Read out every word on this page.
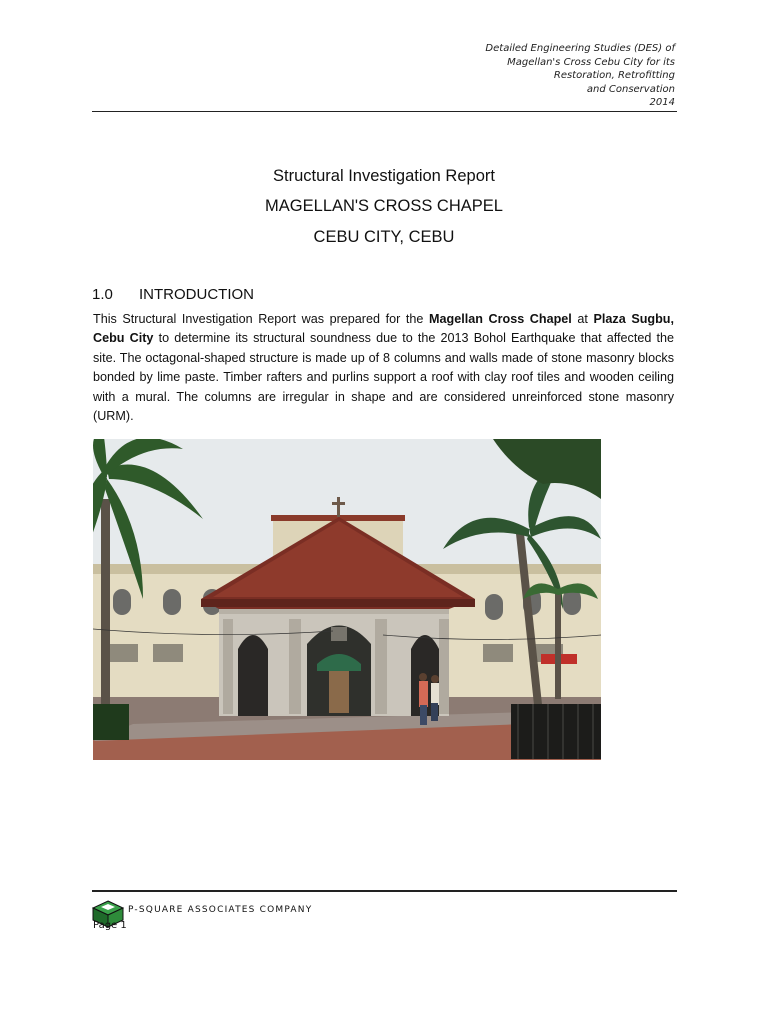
Detailed Engineering Studies (DES) of
Magellan's Cross Cebu City for its
Restoration, Retrofitting
and Conservation
2014
Structural Investigation Report
MAGELLAN'S CROSS CHAPEL
CEBU CITY, CEBU
1.0 INTRODUCTION
This Structural Investigation Report was prepared for the Magellan Cross Chapel at Plaza Sugbu, Cebu City to determine its structural soundness due to the 2013 Bohol Earthquake that affected the site. The octagonal-shaped structure is made up of 8 columns and walls made of stone masonry blocks bonded by lime paste. Timber rafters and purlins support a roof with clay roof tiles and wooden ceiling with a mural. The columns are irregular in shape and are considered unreinforced stone masonry (URM).
P-SQUARE ASSOCIATES COMPANY
Page 1
